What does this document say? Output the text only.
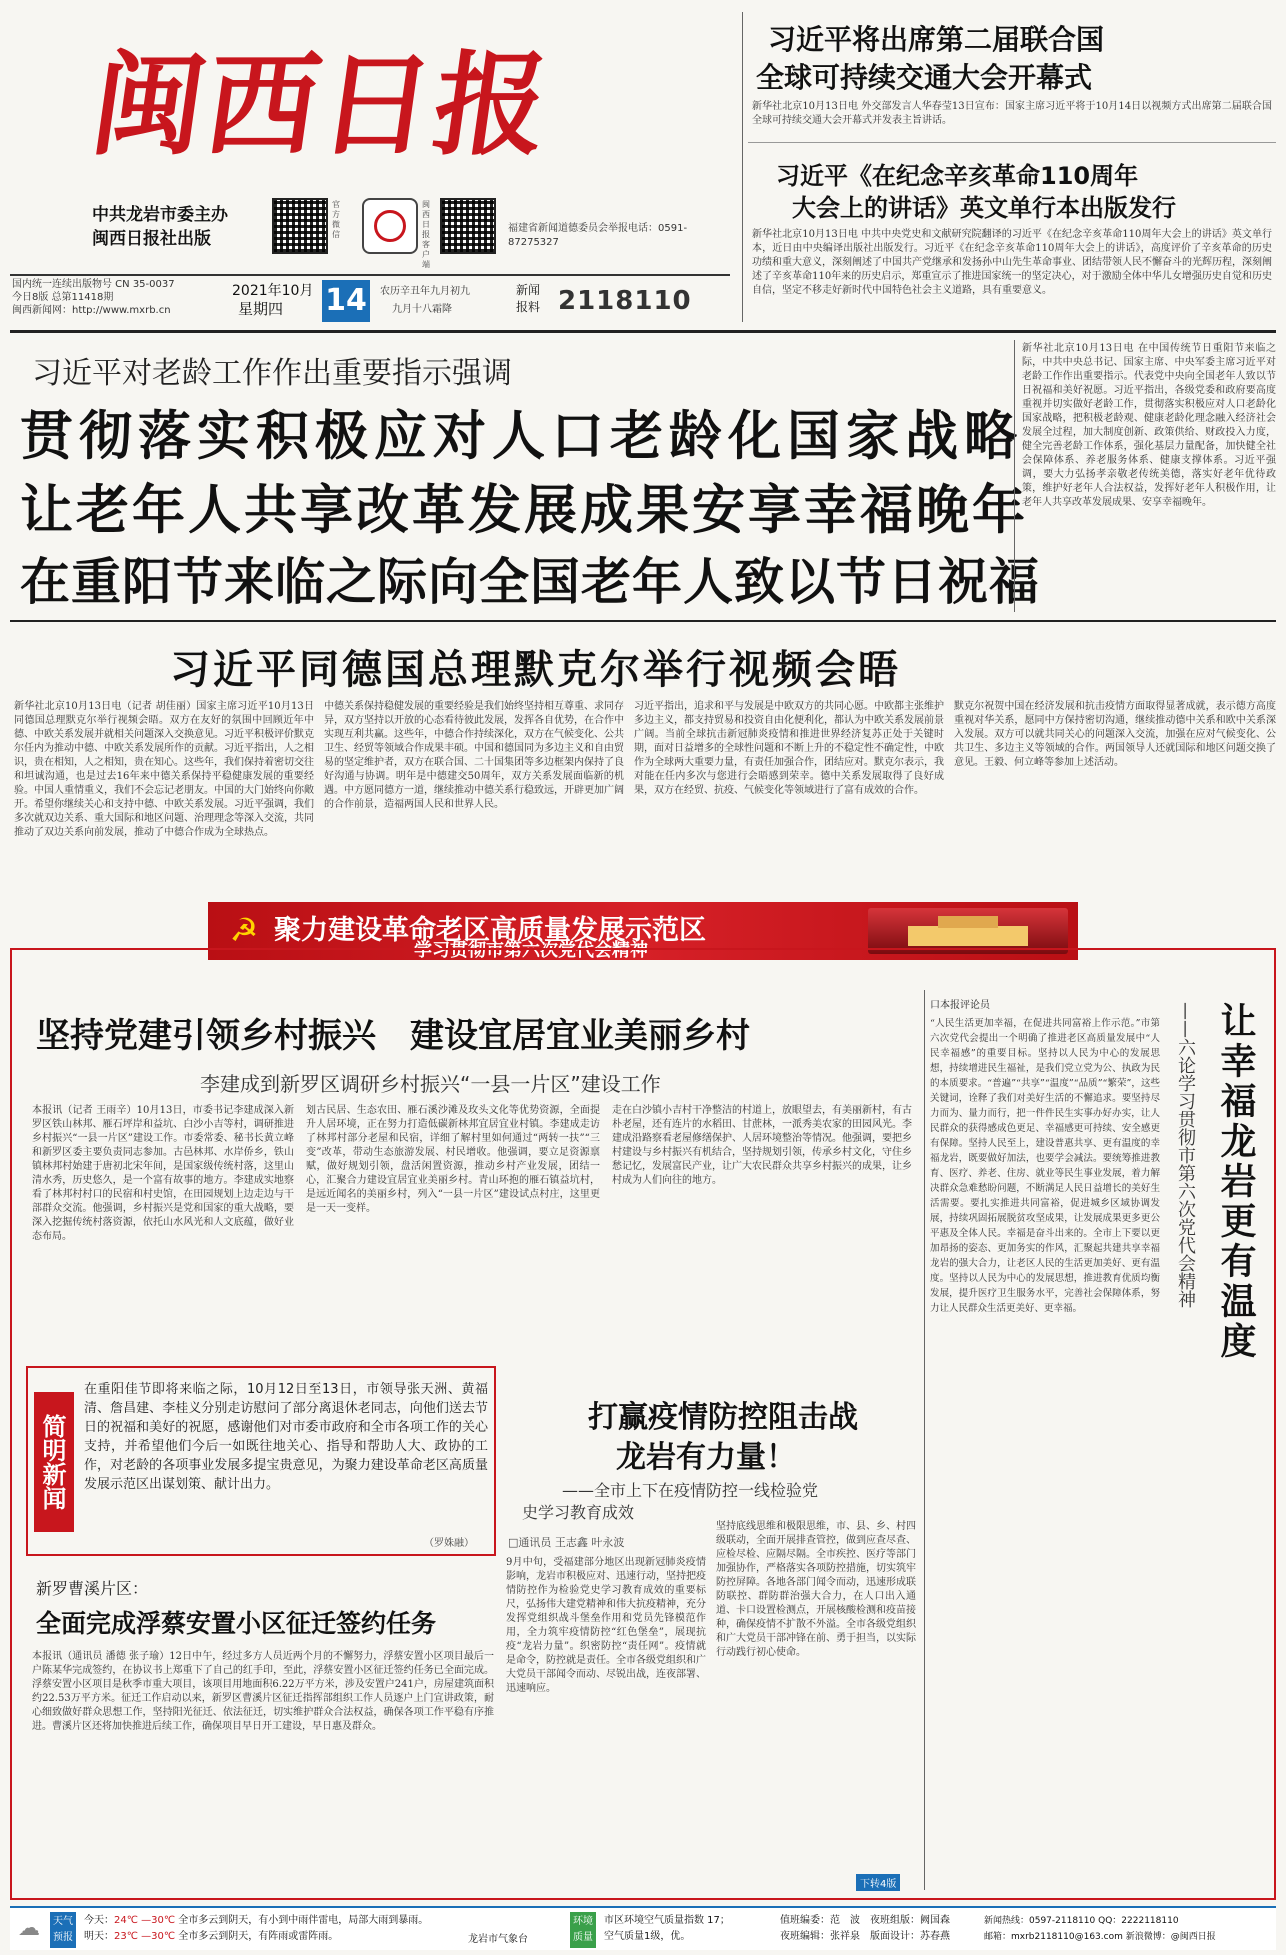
闽西日报
中共龙岩市委主办
闽西日报社出版
官方微信
闽西日报客户端
福建省新闻道德委员会举报电话：0591-87275327
国内统一连续出版物号 CN 35-0037
今日8版 总第11418期
闽西新闻网：http://www.mxrb.cn
2021年10月
星期四 14	农历辛丑年九月初九
九月十八霜降
新闻报料 2118110
习近平将出席第二届联合国
全球可持续交通大会开幕式
新华社北京10月13日电 外交部发言人华春莹13日宣布：国家主席习近平将于10月14日以视频方式出席第二届联合国全球可持续交通大会开幕式并发表主旨讲话。
习近平《在纪念辛亥革命110周年
大会上的讲话》英文单行本出版发行
新华社北京10月13日电 中共中央党史和文献研究院翻译的习近平《在纪念辛亥革命110周年大会上的讲话》英文单行本，近日由中央编译出版社出版发行。习近平《在纪念辛亥革命110周年大会上的讲话》，高度评价了辛亥革命的历史功绩和重大意义，深刻阐述了中国共产党继承和发扬孙中山先生革命事业、团结带领人民不懈奋斗的光辉历程，深刻阐述了辛亥革命110年来的历史启示，郑重宣示了推进国家统一的坚定决心，对于激励全体中华儿女增强历史自觉和历史自信，坚定不移走好新时代中国特色社会主义道路，具有重要意义。
习近平对老龄工作作出重要指示强调
贯彻落实积极应对人口老龄化国家战略
让老年人共享改革发展成果安享幸福晚年
在重阳节来临之际向全国老年人致以节日祝福
新华社北京10月13日电 在中国传统节日重阳节来临之际，中共中央总书记、国家主席、中央军委主席习近平对老龄工作作出重要指示。代表党中央向全国老年人致以节日祝福和美好祝愿。习近平指出，各级党委和政府要高度重视并切实做好老龄工作，贯彻落实积极应对人口老龄化国家战略，把积极老龄观、健康老龄化理念融入经济社会发展全过程，加大制度创新、政策供给、财政投入力度，健全完善老龄工作体系，强化基层力量配备，加快健全社会保障体系、养老服务体系、健康支撑体系。习近平强调，要大力弘扬孝亲敬老传统美德，落实好老年优待政策，维护好老年人合法权益，发挥好老年人积极作用，让老年人共享改革发展成果、安享幸福晚年。
习近平同德国总理默克尔举行视频会晤
新华社北京10月13日电（记者 胡佳丽）国家主席习近平10月13日同德国总理默克尔举行视频会晤。双方在友好的氛围中回顾近年中德、中欧关系发展并就相关问题深入交换意见。习近平积极评价默克尔任内为推动中德、中欧关系发展所作的贡献。习近平指出，人之相识，贵在相知，人之相知，贵在知心。这些年，我们保持着密切交往和坦诚沟通，也是过去16年来中德关系保持平稳健康发展的重要经验。中国人重情重义，我们不会忘记老朋友。中国的大门始终向你敞开。希望你继续关心和支持中德、中欧关系发展。习近平强调，我们多次就双边关系、重大国际和地区问题、治理理念等深入交流，共同推动了双边关系向前发展，推动了中德合作成为全球热点。
中德关系保持稳健发展的重要经验是我们始终坚持相互尊重、求同存异，双方坚持以开放的心态看待彼此发展，发挥各自优势，在合作中实现互利共赢。这些年，中德合作持续深化，双方在气候变化、公共卫生、经贸等领域合作成果丰硕。中国和德国同为多边主义和自由贸易的坚定维护者，双方在联合国、二十国集团等多边框架内保持了良好沟通与协调。明年是中德建交50周年，双方关系发展面临新的机遇。中方愿同德方一道，继续推动中德关系行稳致远，开辟更加广阔的合作前景，造福两国人民和世界人民。
习近平指出，追求和平与发展是中欧双方的共同心愿。中欧都主张维护多边主义，都支持贸易和投资自由化便利化，都认为中欧关系发展前景广阔。当前全球抗击新冠肺炎疫情和推进世界经济复苏正处于关键时期，面对日益增多的全球性问题和不断上升的不稳定性不确定性，中欧作为全球两大重要力量，有责任加强合作，团结应对。默克尔表示，我对能在任内多次与您进行会晤感到荣幸。德中关系发展取得了良好成果，双方在经贸、抗疫、气候变化等领域进行了富有成效的合作。
默克尔祝贺中国在经济发展和抗击疫情方面取得显著成就，表示德方高度重视对华关系，愿同中方保持密切沟通，继续推动德中关系和欧中关系深入发展。双方可以就共同关心的问题深入交流，加强在应对气候变化、公共卫生、多边主义等领域的合作。两国领导人还就国际和地区问题交换了意见。王毅、何立峰等参加上述活动。
☭ 聚力建设革命老区高质量发展示范区
学习贯彻市第六次党代会精神
坚持党建引领乡村振兴　建设宜居宜业美丽乡村
李建成到新罗区调研乡村振兴“一县一片区”建设工作
本报讯（记者 王雨辛）10月13日，市委书记李建成深入新罗区铁山林邦、雁石坪岸和益坑、白沙小吉等村，调研推进乡村振兴“一县一片区”建设工作。市委常委、秘书长黄立峰和新罗区委主要负责同志参加。古邑林邦、水岸侨乡，铁山镇林邦村始建于唐初北宋年间，是国家级传统村落，这里山清水秀，历史悠久，是一个富有故事的地方。李建成实地察看了林邦村村口的民宿和村史馆，在田园规划上边走边与干部群众交流。他强调，乡村振兴是党和国家的重大战略，要深入挖掘传统村落资源，依托山水风光和人文底蕴，做好业态布局。
划古民居、生态农田、雁石溪沙滩及玫头文化等优势资源，全面提升人居环境，正在努力打造低碳新林邦宜居宜业村镇。李建成走访了林邦村部分老屋和民宿，详细了解村里如何通过“两转一扶”“三变”改革，带动生态旅游发展、村民增收。他强调，要立足资源禀赋，做好规划引领，盘活闲置资源，推动乡村产业发展，团结一心，汇聚合力建设宜居宜业美丽乡村。青山环抱的雁石镇益坑村，是远近闻名的美丽乡村，列入“一县一片区”建设试点村庄，这里更是一天一变样。
走在白沙镇小吉村干净整洁的村道上，放眼望去，有美丽新村，有古朴老屋，还有连片的水稻田、甘蔗林，一派秀美农家的田园风光。李建成沿路察看老屋修缮保护、人居环境整治等情况。他强调，要把乡村建设与乡村振兴有机结合，坚持规划引领，传承乡村文化，守住乡愁记忆，发展富民产业，让广大农民群众共享乡村振兴的成果，让乡村成为人们向往的地方。
简明新闻
在重阳佳节即将来临之际，10月12日至13日，市领导张天洲、黄福清、詹昌建、李桂义分别走访慰问了部分离退休老同志，向他们送去节日的祝福和美好的祝愿，感谢他们对市委市政府和全市各项工作的关心支持，并希望他们今后一如既往地关心、指导和帮助人大、政协的工作，对老龄的各项事业发展多提宝贵意见，为聚力建设革命老区高质量发展示范区出谋划策、献计出力。
（罗姝融）
新罗曹溪片区：
全面完成浮蔡安置小区征迁签约任务
本报讯（通讯员 潘德 张子瑜）12日中午，经过多方人员近两个月的不懈努力，浮蔡安置小区项目最后一户陈某华完成签约，在协议书上郑重下了自己的红手印，至此，浮蔡安置小区征迁签约任务已全面完成。浮蔡安置小区项目是秋季市重大项目，该项目用地面积6.22万平方米，涉及安置户241户，房屋建筑面积约22.53万平方米。征迁工作启动以来，新罗区曹溪片区征迁指挥部组织工作人员逐户上门宣讲政策，耐心细致做好群众思想工作，坚持阳光征迁、依法征迁，切实维护群众合法权益，确保各项工作平稳有序推进。曹溪片区还将加快推进后续工作，确保项目早日开工建设，早日惠及群众。
打赢疫情防控阻击战
龙岩有力量！
——全市上下在疫情防控一线检验党
史学习教育成效
□通讯员 王志鑫 叶永波
9月中旬，受福建部分地区出现新冠肺炎疫情影响，龙岩市积极应对、迅速行动，坚持把疫情防控作为检验党史学习教育成效的重要标尺，弘扬伟大建党精神和伟大抗疫精神，充分发挥党组织战斗堡垒作用和党员先锋模范作用，全力筑牢疫情防控“红色堡垒”，展现抗疫“龙岩力量”。织密防控“责任网”。疫情就是命令，防控就是责任。全市各级党组织和广大党员干部闻令而动、尽锐出战，连夜部署、迅速响应。
坚持底线思维和极限思维，市、县、乡、村四级联动，全面开展排查管控，做到应查尽查、应检尽检、应隔尽隔。全市疾控、医疗等部门加强协作，严格落实各项防控措施，切实筑牢防控屏障。各地各部门闻令而动，迅速形成联防联控、群防群治强大合力，在人口出入通道、卡口设置检测点，开展核酸检测和疫苗接种，确保疫情不扩散不外溢。全市各级党组织和广大党员干部冲锋在前、勇于担当，以实际行动践行初心使命。
下转4版
口本报评论员
“人民生活更加幸福，在促进共同富裕上作示范。”市第六次党代会提出一个明确了推进老区高质量发展中“人民幸福感”的重要目标。坚持以人民为中心的发展思想，持续增进民生福祉，是我们党立党为公、执政为民的本质要求。“普遍”“共享”“温度”“品质”“繁荣”，这些关键词，诠释了我们对美好生活的不懈追求。要坚持尽力而为、量力而行，把一件件民生实事办好办实，让人民群众的获得感成色更足、幸福感更可持续、安全感更有保障。坚持人民至上，建设普惠共享、更有温度的幸福龙岩，既要做好加法，也要学会减法。要统筹推进教育、医疗、养老、住房、就业等民生事业发展，着力解决群众急难愁盼问题，不断满足人民日益增长的美好生活需要。要扎实推进共同富裕，促进城乡区域协调发展，持续巩固拓展脱贫攻坚成果，让发展成果更多更公平惠及全体人民。幸福是奋斗出来的。全市上下要以更加昂扬的姿态、更加务实的作风，汇聚起共建共享幸福龙岩的强大合力，让老区人民的生活更加美好、更有温度。坚持以人民为中心的发展思想，推进教育优质均衡发展，提升医疗卫生服务水平，完善社会保障体系，努力让人民群众生活更美好、更幸福。	让幸福龙岩更有温度
——六论学习贯彻市第六次党代会精神
☁	天气
预报
今天：24℃ —30℃ 全市多云到阴天，有小到中雨伴雷电，局部大雨到暴雨。
明天：23℃ —30℃ 全市多云到阴天，有阵雨或雷阵雨。	龙岩市气象台
环境
质量
市区环境空气质量指数 17；
空气质量1级，优。
值班编委：范　波　 夜班组版：阙国森
夜班编辑：张祥泉　 版面设计：苏春燕
新闻热线：0597-2118110 QQ：2222118110
邮箱：mxrb2118110@163.com 新浪微博：@闽西日报
